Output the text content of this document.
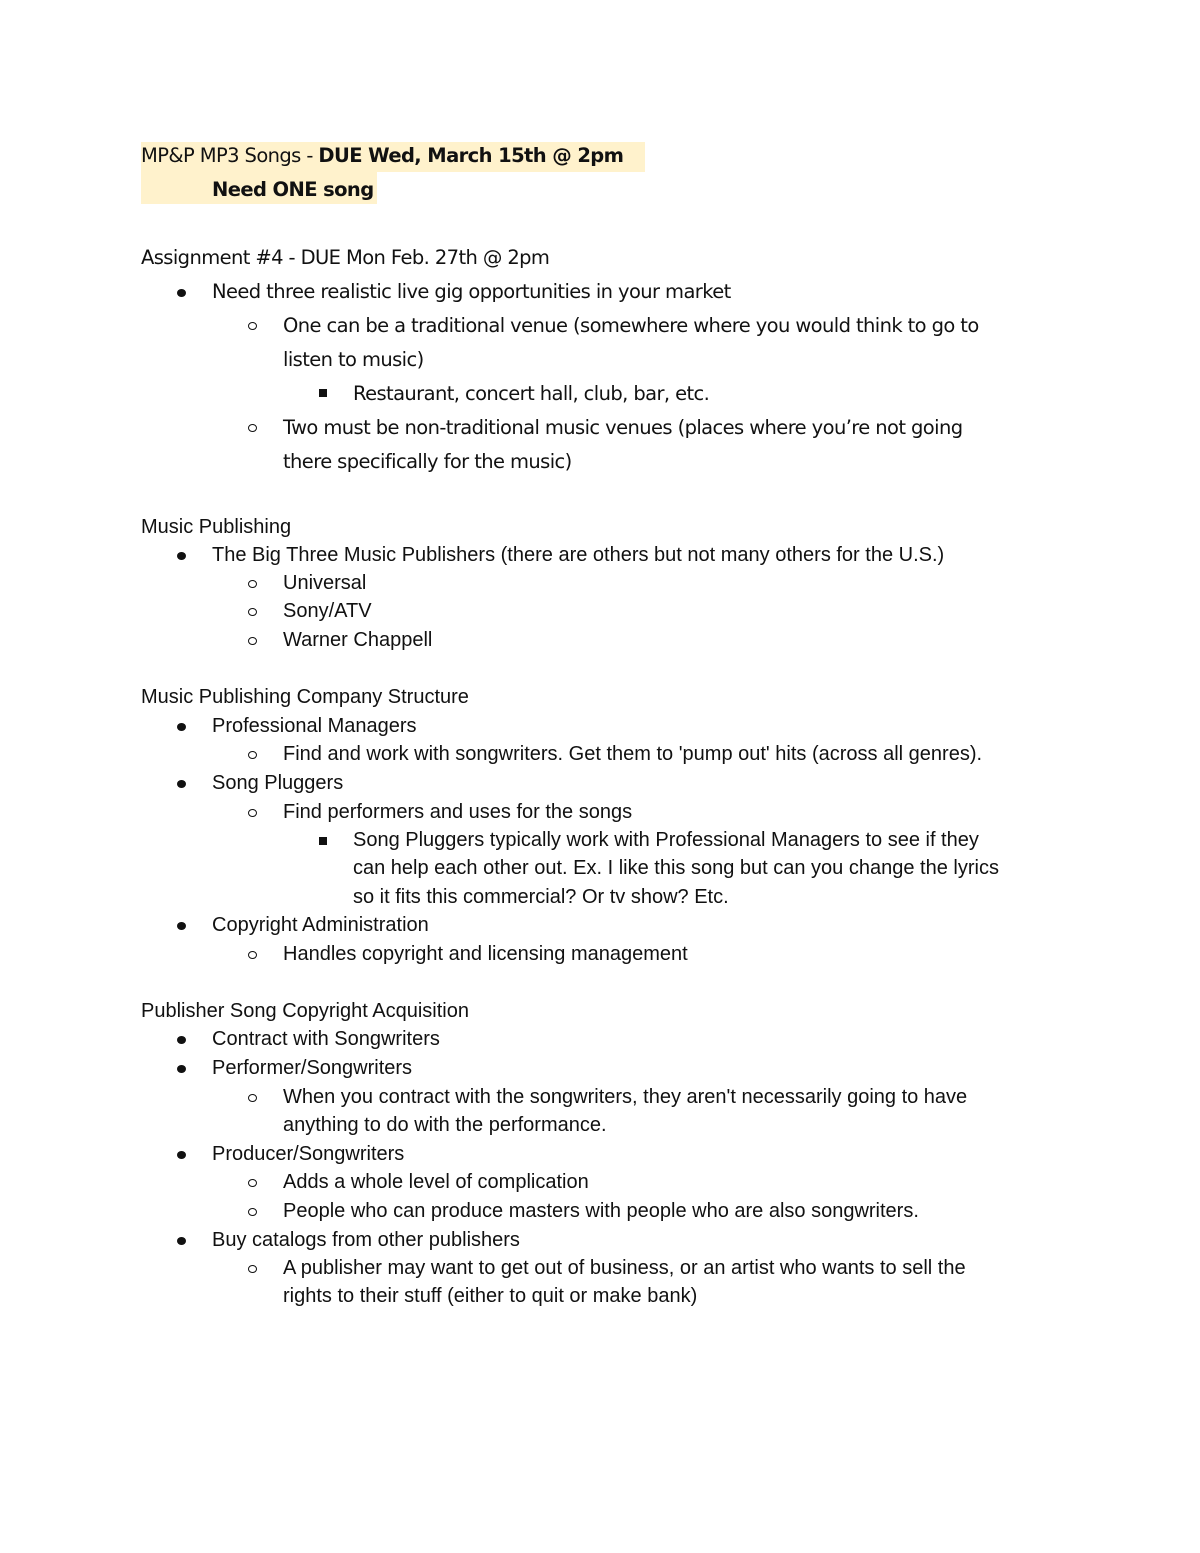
MP&P MP3 Songs - DUE Wed, March 15th @ 2pm
Need ONE song
Assignment #4 - DUE Mon Feb. 27th @ 2pm
Need three realistic live gig opportunities in your market
One can be a traditional venue (somewhere where you would think to go to
listen to music)
Restaurant, concert hall, club, bar, etc.
Two must be non-traditional music venues (places where you’re not going
there specifically for the music)
Music Publishing
The Big Three Music Publishers (there are others but not many others for the U.S.)
Universal
Sony/ATV
Warner Chappell
Music Publishing Company Structure
Professional Managers
Find and work with songwriters. Get them to 'pump out' hits (across all genres).
Song Pluggers
Find performers and uses for the songs
Song Pluggers typically work with Professional Managers to see if they
can help each other out. Ex. I like this song but can you change the lyrics
so it fits this commercial? Or tv show? Etc.
Copyright Administration
Handles copyright and licensing management
Publisher Song Copyright Acquisition
Contract with Songwriters
Performer/Songwriters
When you contract with the songwriters, they aren't necessarily going to have
anything to do with the performance.
Producer/Songwriters
Adds a whole level of complication
People who can produce masters with people who are also songwriters.
Buy catalogs from other publishers
A publisher may want to get out of business, or an artist who wants to sell the
rights to their stuff (either to quit or make bank)
